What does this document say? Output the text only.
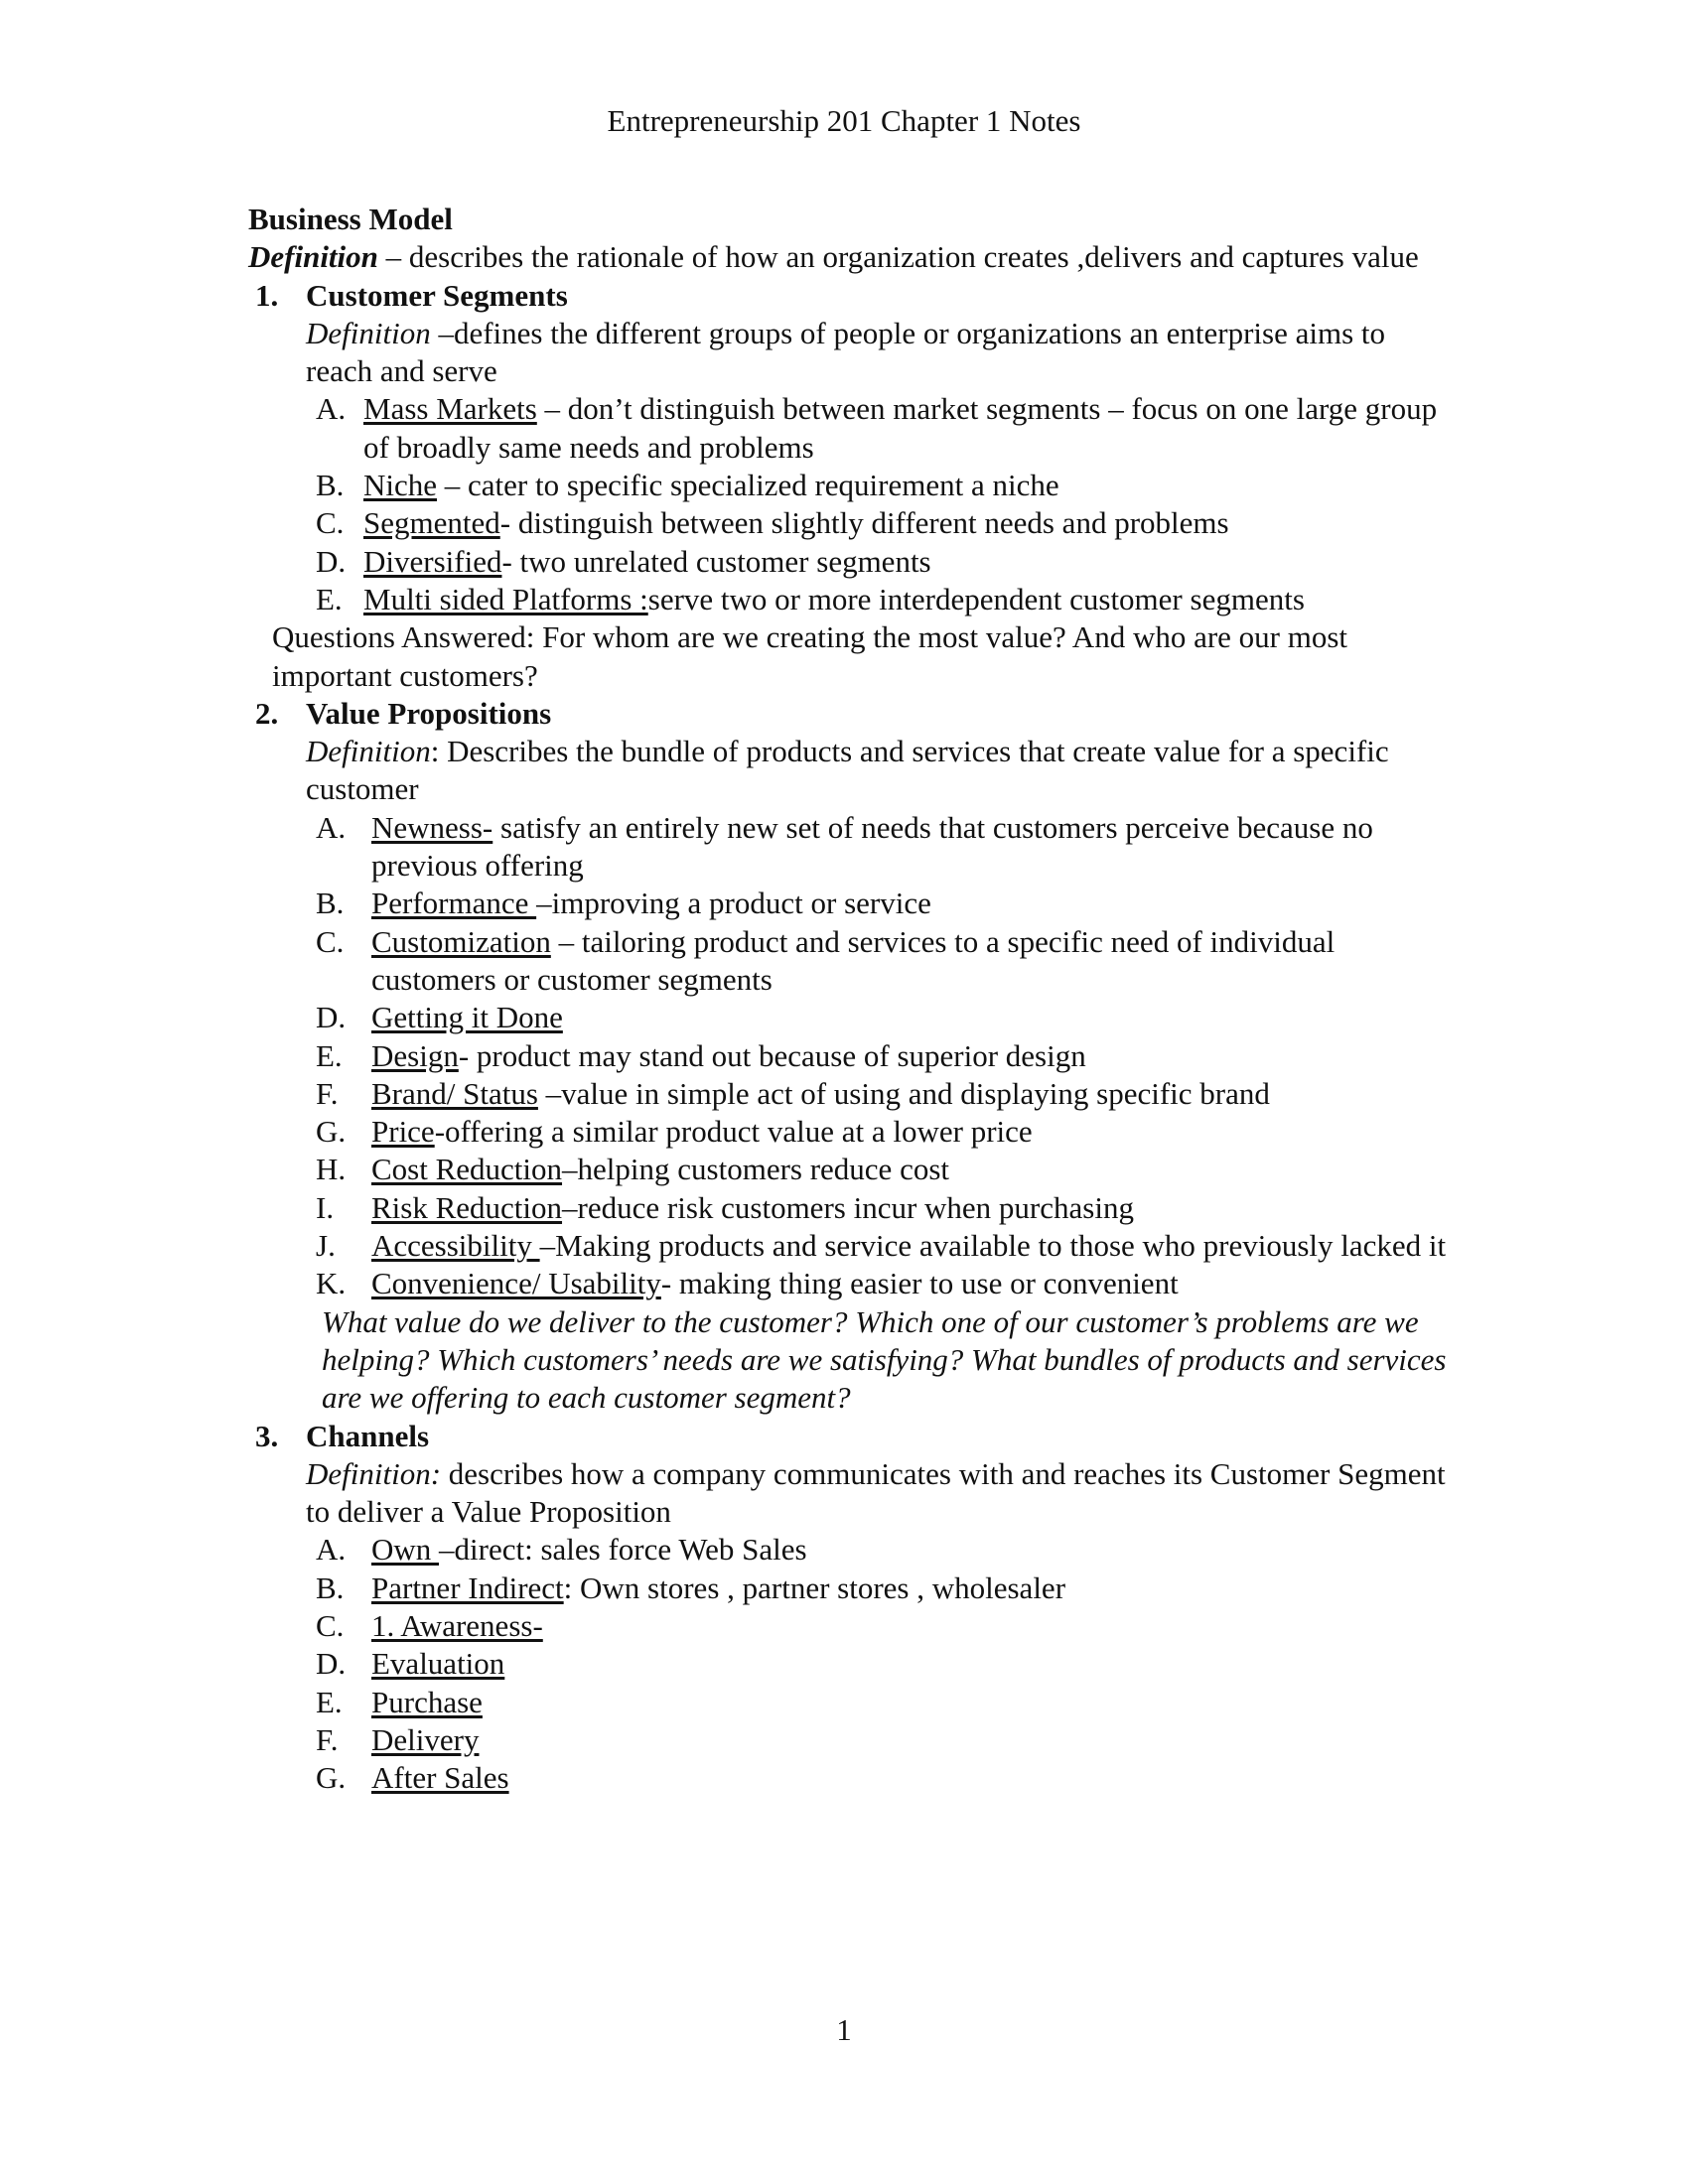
Entrepreneurship 201 Chapter 1 Notes
Business Model
Definition – describes the rationale of how an organization creates ,delivers and captures value
1. Customer Segments
Definition –defines the different groups of people or organizations an enterprise aims to reach and serve
A. Mass Markets – don’t distinguish between market segments – focus on one large group of broadly same needs and problems
B. Niche – cater to specific specialized requirement a niche
C. Segmented- distinguish between slightly different needs and problems
D. Diversified- two unrelated customer segments
E. Multi sided Platforms :serve two or more interdependent customer segments
Questions Answered: For whom are we creating the most value? And who are our most important customers?
2. Value Propositions
Definition: Describes the bundle of products and services that create value for a specific customer
A. Newness- satisfy an entirely new set of needs that customers perceive because no previous offering
B. Performance –improving a product or service
C. Customization – tailoring product and services to a specific need of individual customers or customer segments
D. Getting it Done
E. Design- product may stand out because of superior design
F. Brand/ Status –value in simple act of using and displaying specific brand
G. Price-offering a similar product value at a lower price
H. Cost Reduction–helping customers reduce cost
I. Risk Reduction–reduce risk customers incur when purchasing
J. Accessibility –Making products and service available to those who previously lacked it
K. Convenience/ Usability- making thing easier to use or convenient
What value do we deliver to the customer? Which one of our customer’s problems are we helping? Which customers’ needs are we satisfying? What bundles of products and services are we offering to each customer segment?
3. Channels
Definition: describes how a company communicates with and reaches its Customer Segment to deliver a Value Proposition
A. Own –direct: sales force Web Sales
B. Partner Indirect: Own stores , partner stores , wholesaler
C. 1. Awareness-
D. Evaluation
E. Purchase
F. Delivery
G. After Sales
1
